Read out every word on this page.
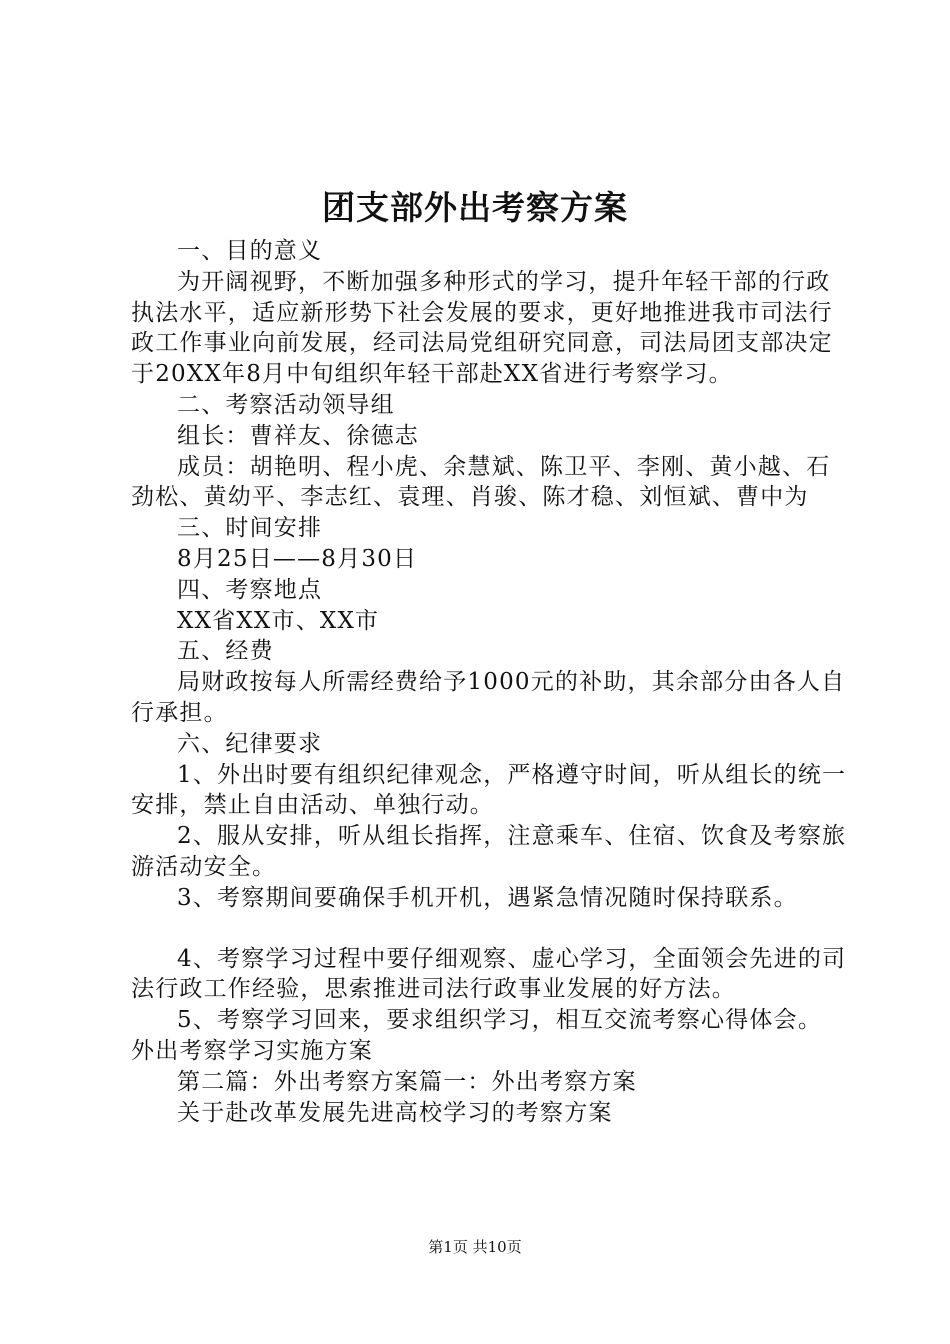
团支部外出考察方案

一、目的意义

为开阔视野，不断加强多种形式的学习，提升年轻干部的行政执法水平，适应新形势下社会发展的要求，更好地推进我市司法行政工作事业向前发展，经司法局党组研究同意，司法局团支部决定于20XX年8月中旬组织年轻干部赴XX省进行考察学习。

二、考察活动领导组

组长：曹祥友、徐德志

成员：胡艳明、程小虎、余慧斌、陈卫平、李刚、黄小越、石劲松、黄幼平、李志红、袁理、肖骏、陈才稳、刘恒斌、曹中为

三、时间安排

8月25日——8月30日

四、考察地点

XX省XX市、XX市

五、经费

局财政按每人所需经费给予1000元的补助，其余部分由各人自行承担。

六、纪律要求

1、外出时要有组织纪律观念，严格遵守时间，听从组长的统一安排，禁止自由活动、单独行动。

2、服从安排，听从组长指挥，注意乘车、住宿、饮食及考察旅游活动安全。

3、考察期间要确保手机开机，遇紧急情况随时保持联系。

4、考察学习过程中要仔细观察、虚心学习，全面领会先进的司法行政工作经验，思索推进司法行政事业发展的好方法。

5、考察学习回来，要求组织学习，相互交流考察心得体会。

外出考察学习实施方案

第二篇：外出考察方案篇一：外出考察方案

关于赴改革发展先进高校学习的考察方案

第1页 共10页
